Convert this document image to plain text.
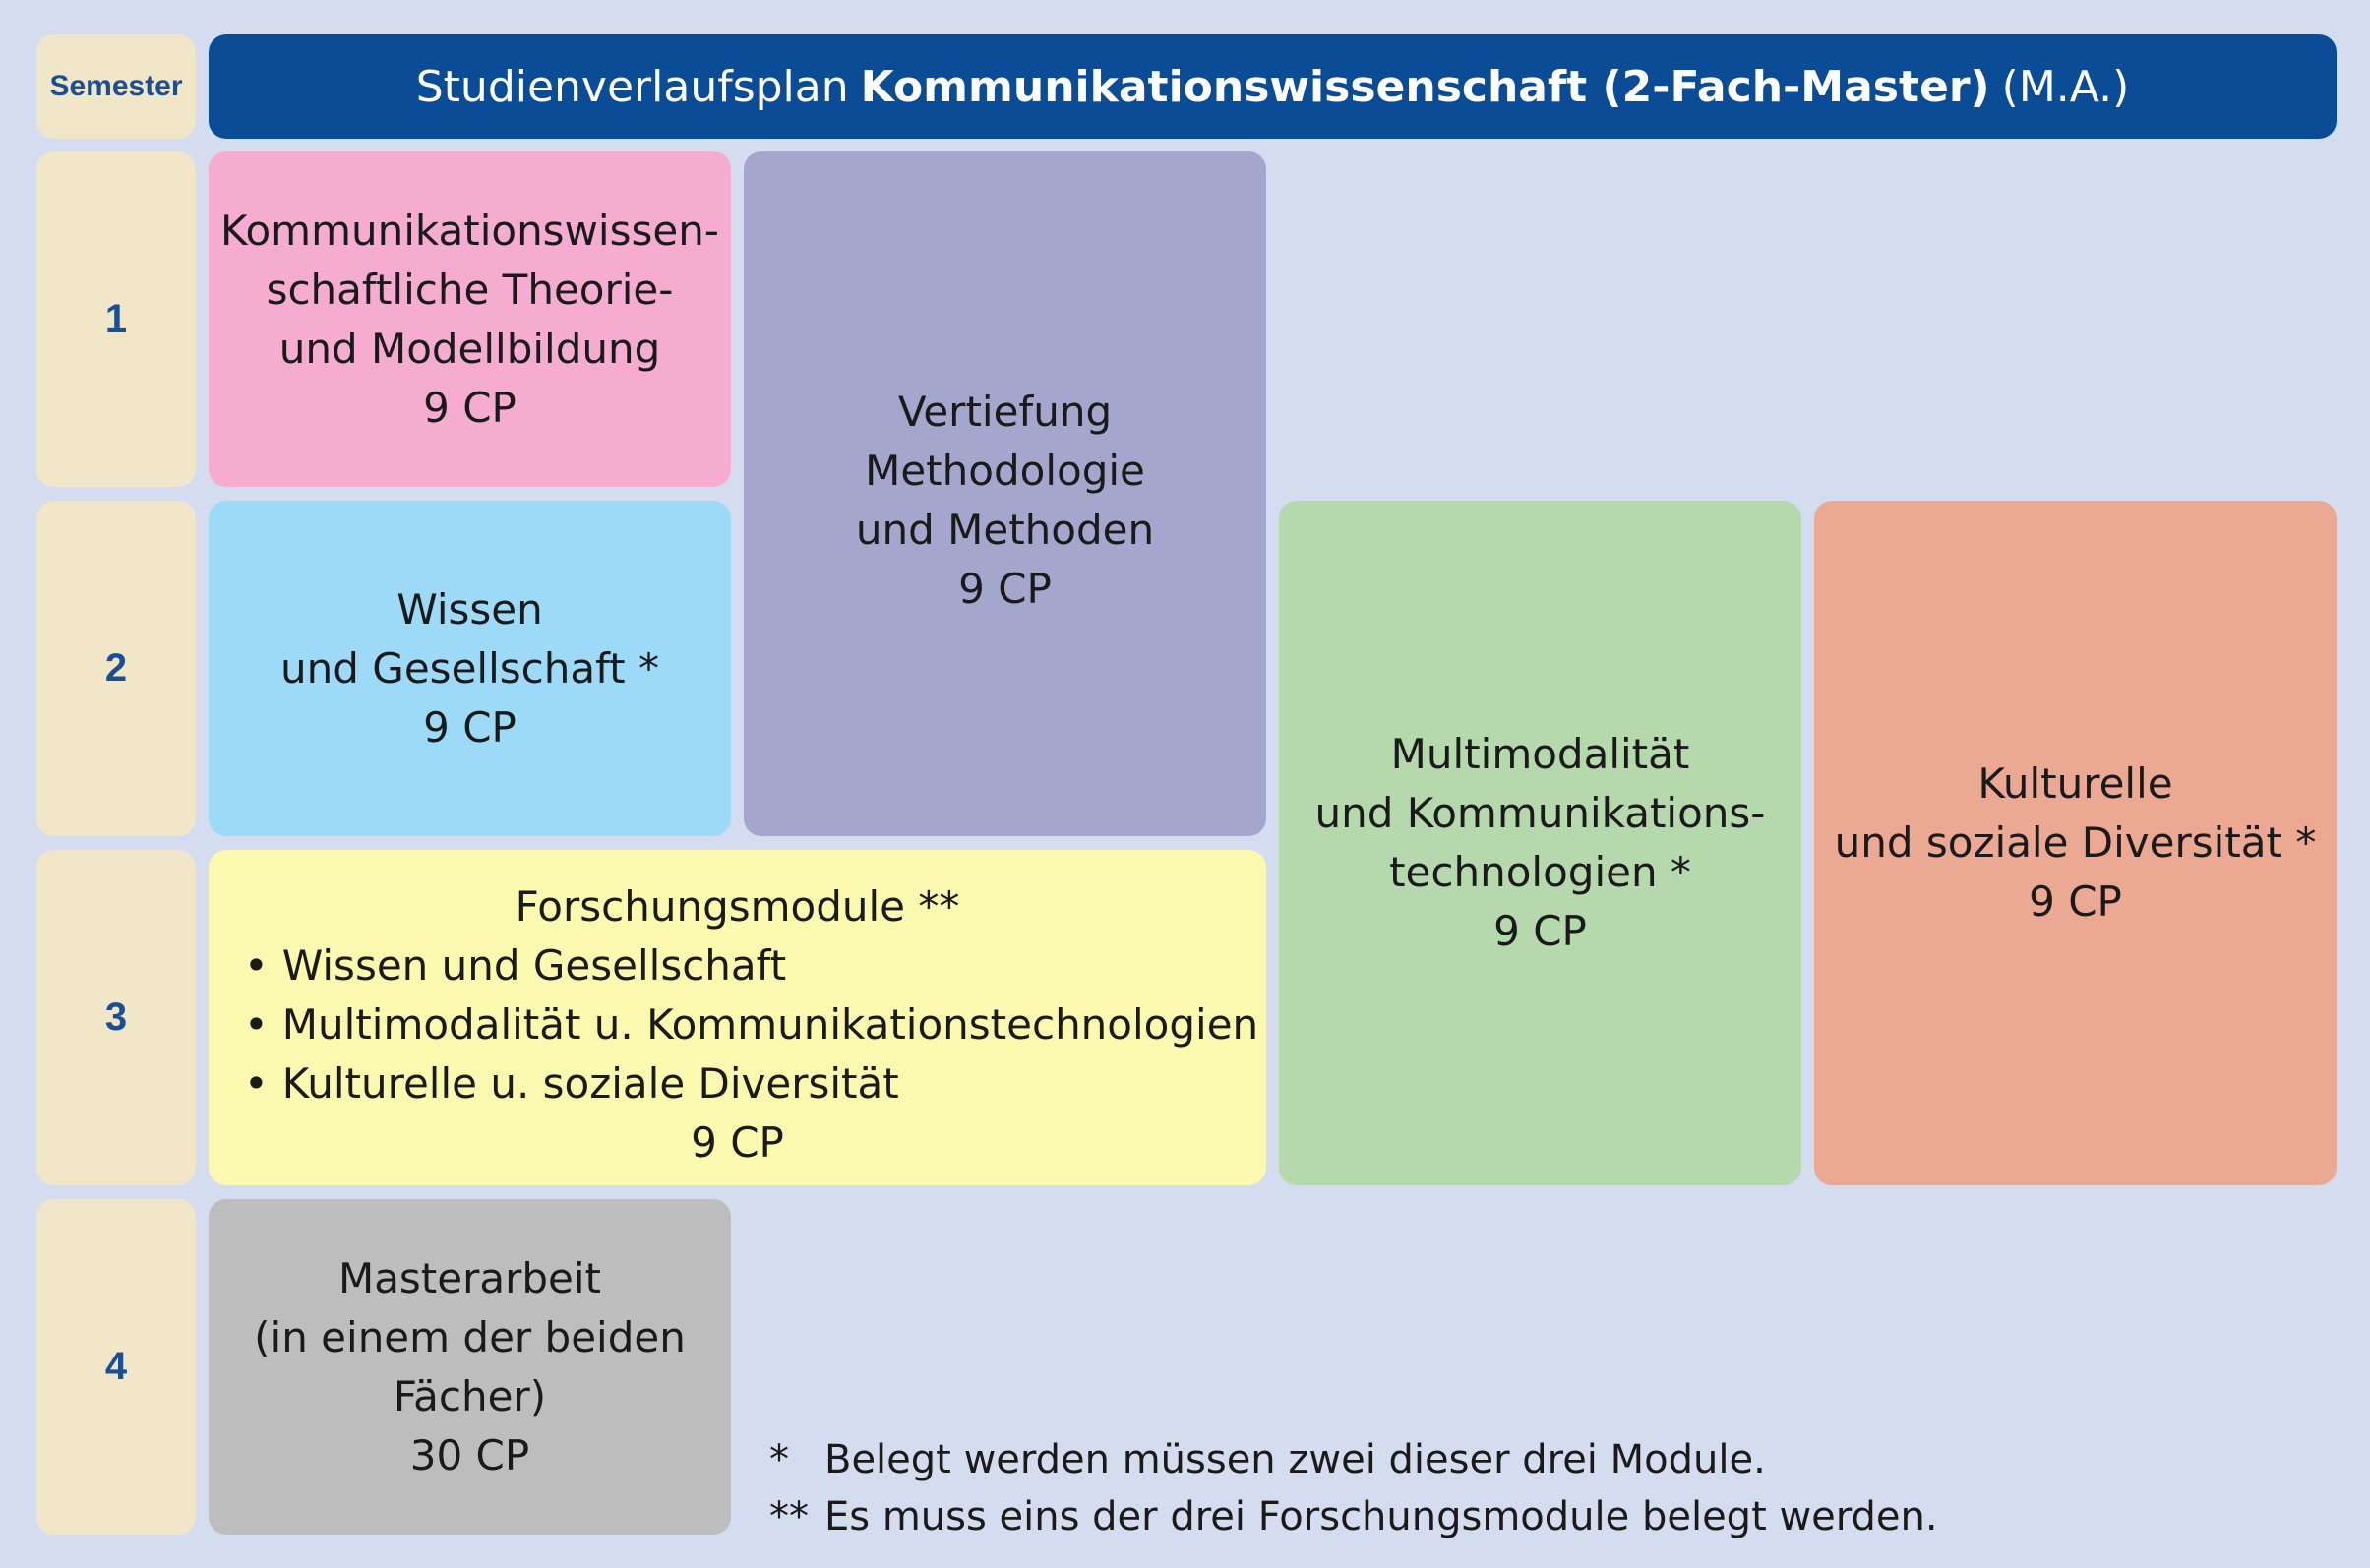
Semester
1
2
3
4
Studienverlaufsplan Kommunikationswissenschaft (2-Fach-Master) (M.A.)
Kommunikationswissen-
schaftliche Theorie-
und Modellbildung
9 CP	Vertiefung
Methodologie
und Methoden
9 CP
Wissen
und Gesellschaft *
9 CP
Multimodalität
und Kommunikations-
technologien *
9 CP
Kulturelle
und soziale Diversität *
9 CP
Forschungsmodule **
• Wissen und Gesellschaft
• Multimodalität u. Kommunikationstechnologien
• Kulturelle u. soziale Diversität
9 CP
Masterarbeit
(in einem der beiden
Fächer)
30 CP	* Belegt werden müssen zwei dieser drei Module.
** Es muss eins der drei Forschungsmodule belegt werden.
